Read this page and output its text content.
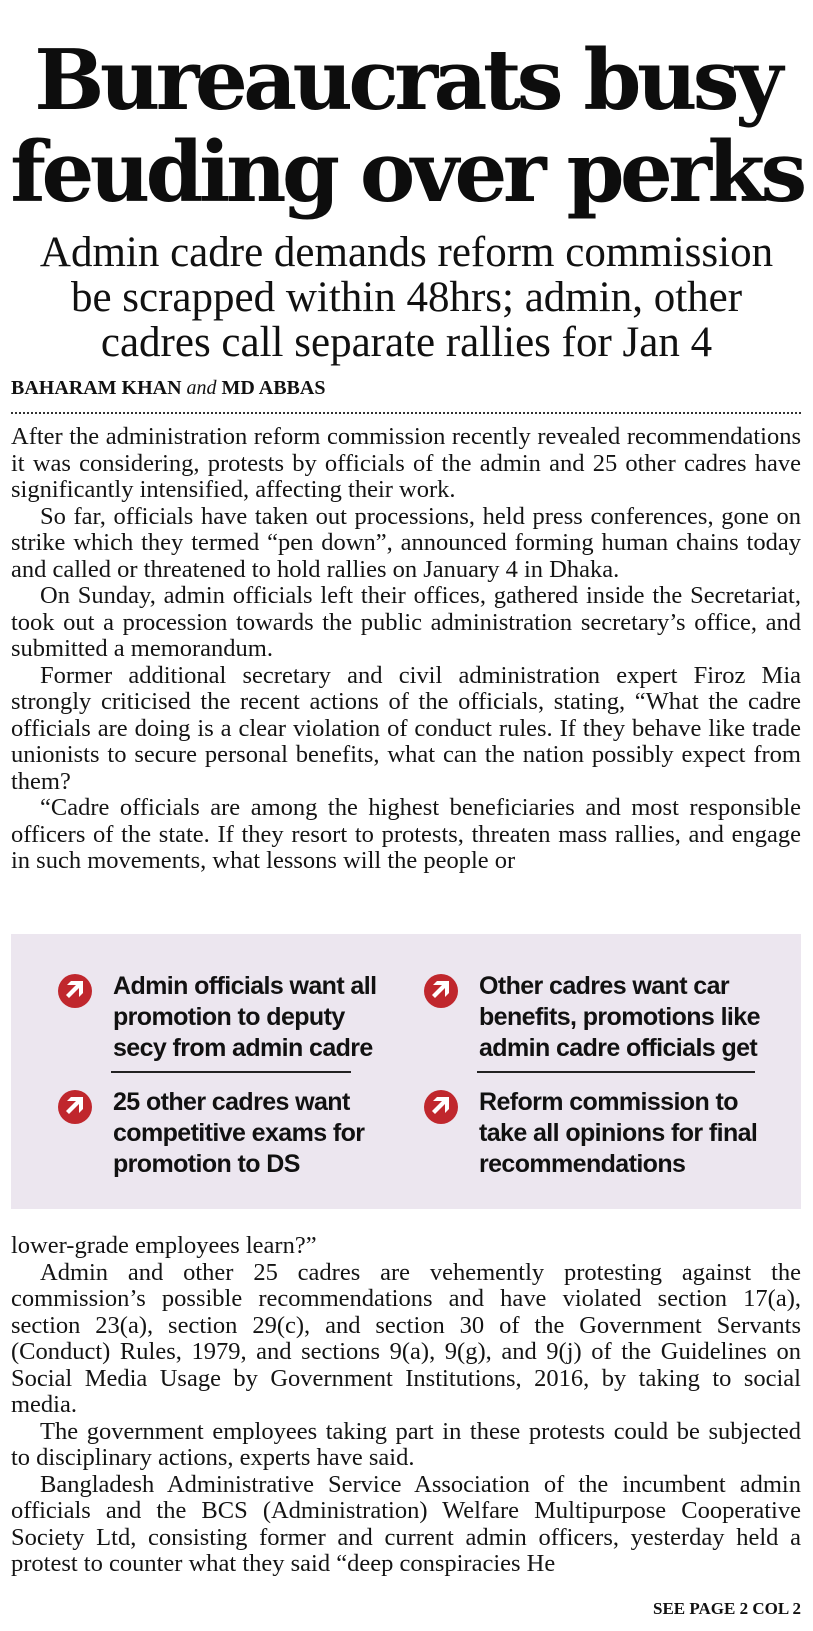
Bureaucrats busy
feuding over perks
Admin cadre demands reform commission
be scrapped within 48hrs; admin, other
cadres call separate rallies for Jan 4
BAHARAM KHAN and MD ABBAS

After the administration reform commission recently revealed recommendations it was considering, protests by officials of the admin and 25 other cadres have significantly intensified, affecting their work.

So far, officials have taken out processions, held press conferences, gone on strike which they termed “pen down”, announced forming human chains today and called or threatened to hold rallies on January 4 in Dhaka.

On Sunday, admin officials left their offices, gathered inside the Secretariat, took out a procession towards the public administration secretary’s office, and submitted a memorandum.

Former additional secretary and civil administration expert Firoz Mia strongly criticised the recent actions of the officials, stating, “What the cadre officials are doing is a clear violation of conduct rules. If they behave like trade unionists to secure personal benefits, what can the nation possibly expect from them?

“Cadre officials are among the highest beneficiaries and most responsible officers of the state. If they resort to protests, threaten mass rallies, and engage in such movements, what lessons will the people or

Admin officials want all promotion to deputy secy from admin cadre

Other cadres want car benefits, promotions like admin cadre officials get

25 other cadres want competitive exams for promotion to DS

Reform commission to take all opinions for final recommendations

lower-grade employees learn?”

Admin and other 25 cadres are vehemently protesting against the commission’s possible recommendations and have violated section 17(a), section 23(a), section 29(c), and section 30 of the Government Servants (Conduct) Rules, 1979, and sections 9(a), 9(g), and 9(j) of the Guidelines on Social Media Usage by Government Institutions, 2016, by taking to social media.

The government employees taking part in these protests could be subjected to disciplinary actions, experts have said.

Bangladesh Administrative Service Association of the incumbent admin officials and the BCS (Administration) Welfare Multipurpose Cooperative Society Ltd, consisting former and current admin officers, yesterday held a protest to counter what they said “deep conspiracies He

SEE PAGE 2 COL 2
